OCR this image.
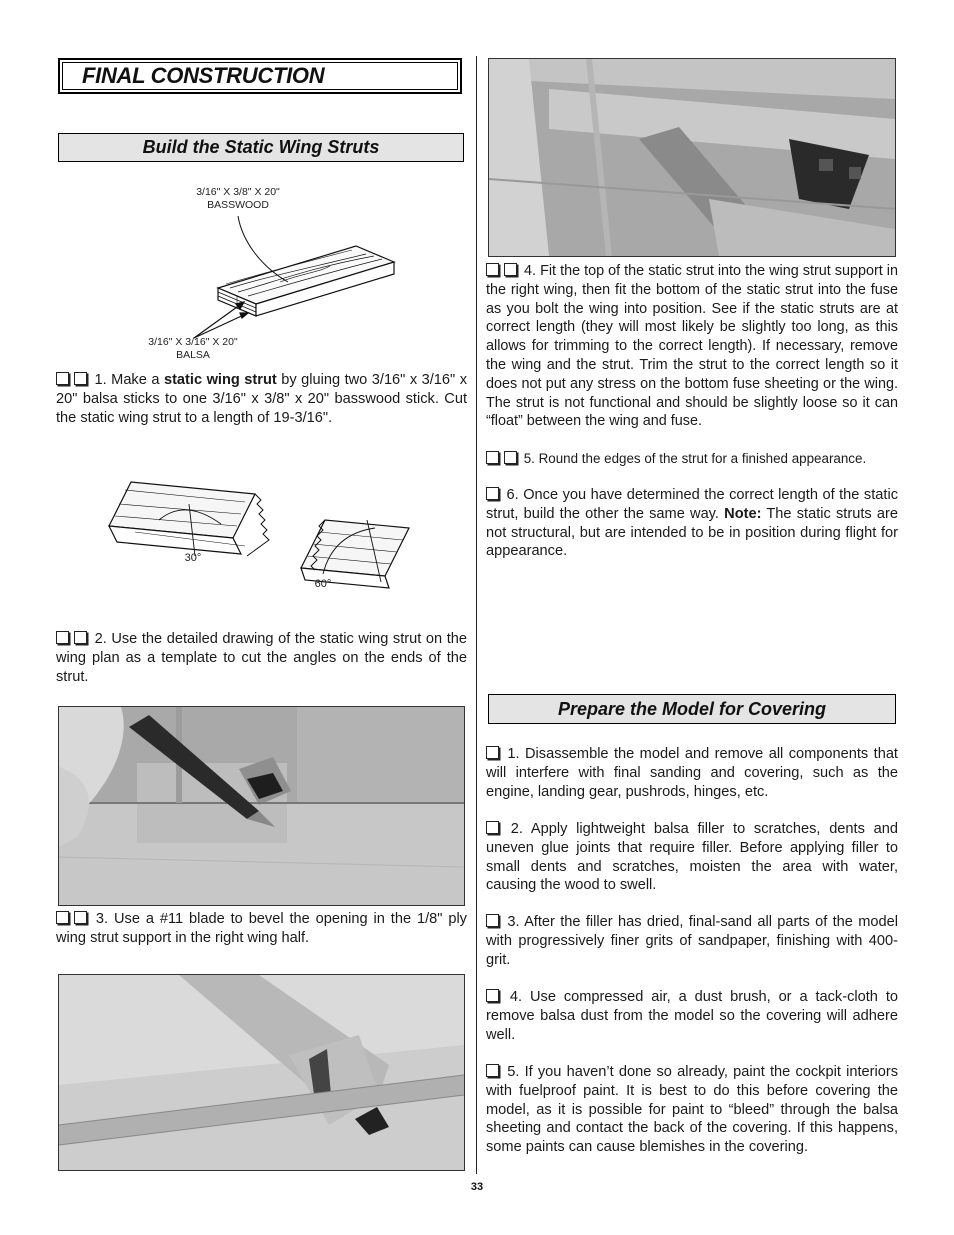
FINAL CONSTRUCTION
Build the Static Wing Struts
3/16" X 3/8" X 20"
BASSWOOD
3/16" X 3/16" X 20"
BALSA
1. Make a static wing strut by gluing two 3/16" x 3/16" x 20" balsa sticks to one 3/16" x 3/8" x 20" basswood stick. Cut the static wing strut to a length of 19-3/16".
30°
60°
2. Use the detailed drawing of the static wing strut on the wing plan as a template to cut the angles on the ends of the strut.
3. Use a #11 blade to bevel the opening in the 1/8" ply wing strut support in the right wing half.
4. Fit the top of the static strut into the wing strut support in the right wing, then fit the bottom of the static strut into the fuse as you bolt the wing into position. See if the static struts are at correct length (they will most likely be slightly too long, as this allows for trimming to the correct length). If necessary, remove the wing and the strut. Trim the strut to the correct length so it does not put any stress on the bottom fuse sheeting or the wing. The strut is not functional and should be slightly loose so it can “float” between the wing and fuse.
5. Round the edges of the strut for a finished appearance.
6. Once you have determined the correct length of the static strut, build the other the same way. Note: The static struts are not structural, but are intended to be in position during flight for appearance.
Prepare the Model for Covering
1. Disassemble the model and remove all components that will interfere with final sanding and covering, such as the engine, landing gear, pushrods, hinges, etc.
2. Apply lightweight balsa filler to scratches, dents and uneven glue joints that require filler. Before applying filler to small dents and scratches, moisten the area with water, causing the wood to swell.
3. After the filler has dried, final-sand all parts of the model with progressively finer grits of sandpaper, finishing with 400-grit.
4. Use compressed air, a dust brush, or a tack-cloth to remove balsa dust from the model so the covering will adhere well.
5. If you haven’t done so already, paint the cockpit interiors with fuelproof paint. It is best to do this before covering the model, as it is possible for paint to “bleed” through the balsa sheeting and contact the back of the covering. If this happens, some paints can cause blemishes in the covering.
33
